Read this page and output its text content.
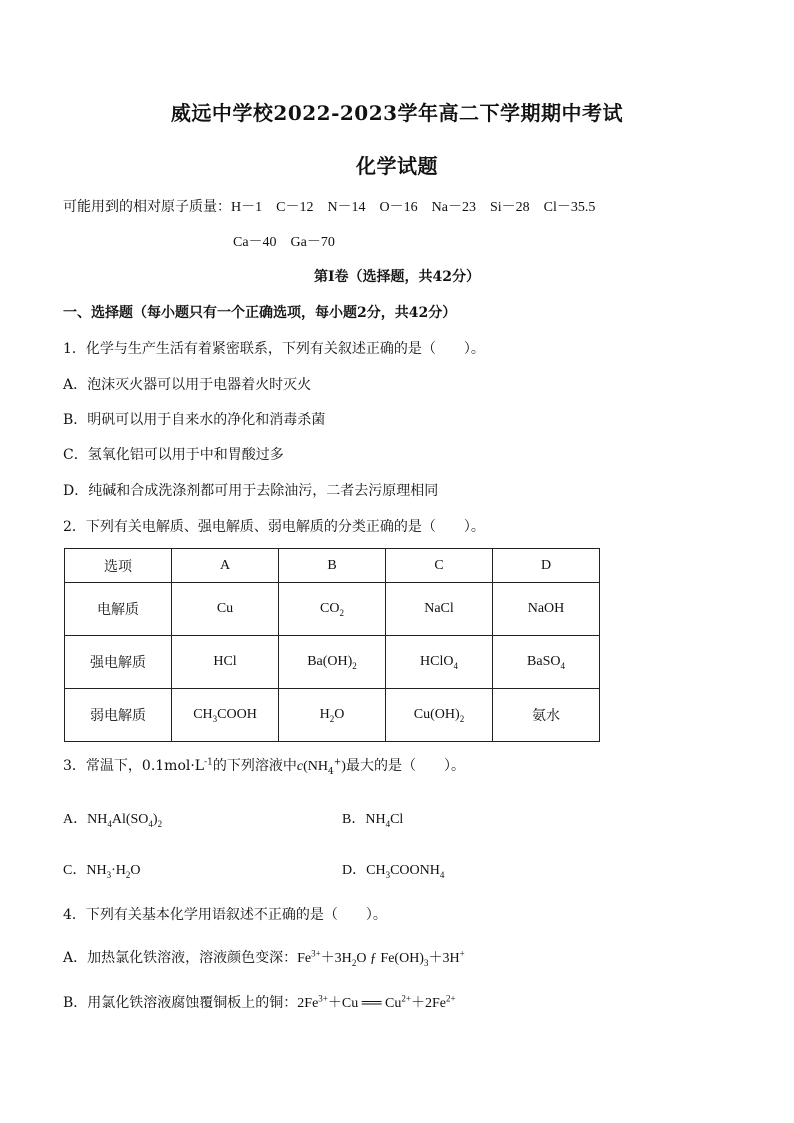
威远中学校2022-2023学年高二下学期期中考试
化学试题
可能用到的相对原子质量：H－1　C－12　N－14　O－16　Na－23　Si－28　Cl－35.5
Ca－40　Ga－70
第Ⅰ卷（选择题，共42分）
一、选择题（每小题只有一个正确选项，每小题2分，共42分）
1．化学与生产生活有着紧密联系，下列有关叙述正确的是（　　）。
A．泡沫灭火器可以用于电器着火时灭火
B．明矾可以用于自来水的净化和消毒杀菌
C．氢氧化铝可以用于中和胃酸过多
D．纯碱和合成洗涤剂都可用于去除油污，二者去污原理相同
2．下列有关电解质、强电解质、弱电解质的分类正确的是（　　）。
选项	A	B	C	D
电解质	Cu	$CO_2$	NaCl	NaOH
强电解质	HCl	$Ba(OH)_2$	HClO$_4$	BaSO$_4$
弱电解质	$CH_3COOH$	$H_2O$	$Cu(OH)_2$	氨水
3．常温下，$0.1mol\cdot L^{-1}$的下列溶液中$c(NH_4^+)$最大的是（　　）。
A．$NH_4Al(SO_4)_2$	B．$NH_4Cl$
C．$NH_3\cdot H_2O$	D．$CH_3COONH_4$
4．下列有关基本化学用语叙述不正确的是（　　）。
A．加热氯化铁溶液，溶液颜色变深：$Fe^{3+}+3H_2O$ ƒ $Fe(OH)_3+3H^+$
B．用氯化铁溶液腐蚀覆铜板上的铜：$2Fe^{3+}+Cu$ ══ $Cu^{2+}+2Fe^{2+}$
